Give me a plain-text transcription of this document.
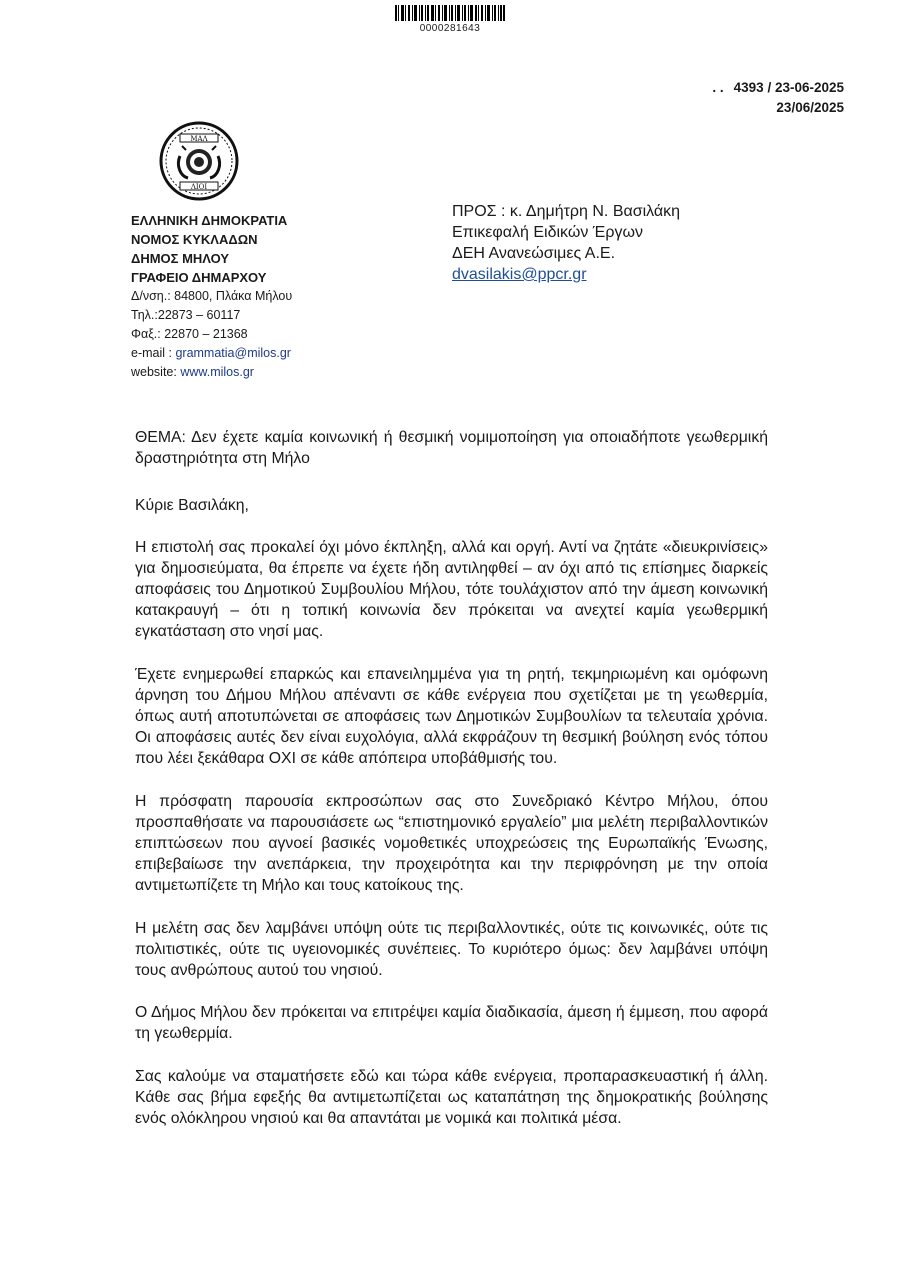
0000281643
. . 4393 / 23-06-2025
23/06/2025
ΜΑΛ
ΛΙΟΙ
ΕΛΛΗΝΙΚΗ ΔΗΜΟΚΡΑΤΙΑ
ΝΟΜΟΣ ΚΥΚΛΑΔΩΝ
ΔΗΜΟΣ ΜΗΛΟΥ
ΓΡΑΦΕΙΟ ΔΗΜΑΡΧΟΥ
Δ/νση.: 84800, Πλάκα Μήλου
Τηλ.:22873 – 60117
Φαξ.: 22870 – 21368
e-mail : grammatia@milos.gr
website: www.milos.gr
ΠΡΟΣ : κ. Δημήτρη Ν. Βασιλάκη
Επικεφαλή Ειδικών Έργων
ΔΕΗ Ανανεώσιμες Α.Ε.
dvasilakis@ppcr.gr

ΘΕΜΑ: Δεν έχετε καμία κοινωνική ή θεσμική νομιμοποίηση για οποιαδήποτε γεωθερμική δραστηριότητα στη Μήλο

Κύριε Βασιλάκη,

Η επιστολή σας προκαλεί όχι μόνο έκπληξη, αλλά και οργή. Αντί να ζητάτε «διευκρινίσεις» για δημοσιεύματα, θα έπρεπε να έχετε ήδη αντιληφθεί – αν όχι από τις επίσημες διαρκείς αποφάσεις του Δημοτικού Συμβουλίου Μήλου, τότε τουλάχιστον από την άμεση κοινωνική κατακραυγή – ότι η τοπική κοινωνία δεν πρόκειται να ανεχτεί καμία γεωθερμική εγκατάσταση στο νησί μας.

Έχετε ενημερωθεί επαρκώς και επανειλημμένα για τη ρητή, τεκμηριωμένη και ομόφωνη άρνηση του Δήμου Μήλου απέναντι σε κάθε ενέργεια που σχετίζεται με τη γεωθερμία, όπως αυτή αποτυπώνεται σε αποφάσεις των Δημοτικών Συμβουλίων τα τελευταία χρόνια. Οι αποφάσεις αυτές δεν είναι ευχολόγια, αλλά εκφράζουν τη θεσμική βούληση ενός τόπου που λέει ξεκάθαρα ΟΧΙ σε κάθε απόπειρα υποβάθμισής του.

Η πρόσφατη παρουσία εκπροσώπων σας στο Συνεδριακό Κέντρο Μήλου, όπου προσπαθήσατε να παρουσιάσετε ως “επιστημονικό εργαλείο” μια μελέτη περιβαλλοντικών επιπτώσεων που αγνοεί βασικές νομοθετικές υποχρεώσεις της Ευρωπαϊκής Ένωσης, επιβεβαίωσε την ανεπάρκεια, την προχειρότητα και την περιφρόνηση με την οποία αντιμετωπίζετε τη Μήλο και τους κατοίκους της.

Η μελέτη σας δεν λαμβάνει υπόψη ούτε τις περιβαλλοντικές, ούτε τις κοινωνικές, ούτε τις πολιτιστικές, ούτε τις υγειονομικές συνέπειες. Το κυριότερο όμως: δεν λαμβάνει υπόψη τους ανθρώπους αυτού του νησιού.

Ο Δήμος Μήλου δεν πρόκειται να επιτρέψει καμία διαδικασία, άμεση ή έμμεση, που αφορά τη γεωθερμία.

Σας καλούμε να σταματήσετε εδώ και τώρα κάθε ενέργεια, προπαρασκευαστική ή άλλη. Κάθε σας βήμα εφεξής θα αντιμετωπίζεται ως καταπάτηση της δημοκρατικής βούλησης ενός ολόκληρου νησιού και θα απαντάται με νομικά και πολιτικά μέσα.
